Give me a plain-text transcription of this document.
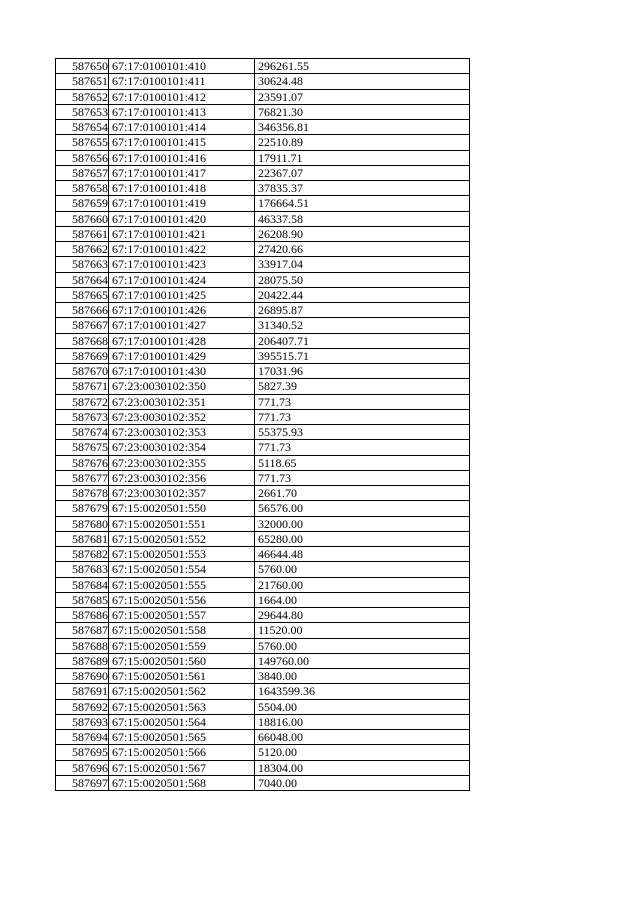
587650	67:17:0100101:410	296261.55
587651	67:17:0100101:411	30624.48
587652	67:17:0100101:412	23591.07
587653	67:17:0100101:413	76821.30
587654	67:17:0100101:414	346356.81
587655	67:17:0100101:415	22510.89
587656	67:17:0100101:416	17911.71
587657	67:17:0100101:417	22367.07
587658	67:17:0100101:418	37835.37
587659	67:17:0100101:419	176664.51
587660	67:17:0100101:420	46337.58
587661	67:17:0100101:421	26208.90
587662	67:17:0100101:422	27420.66
587663	67:17:0100101:423	33917.04
587664	67:17:0100101:424	28075.50
587665	67:17:0100101:425	20422.44
587666	67:17:0100101:426	26895.87
587667	67:17:0100101:427	31340.52
587668	67:17:0100101:428	206407.71
587669	67:17:0100101:429	395515.71
587670	67:17:0100101:430	17031.96
587671	67:23:0030102:350	5827.39
587672	67:23:0030102:351	771.73
587673	67:23:0030102:352	771.73
587674	67:23:0030102:353	55375.93
587675	67:23:0030102:354	771.73
587676	67:23:0030102:355	5118.65
587677	67:23:0030102:356	771.73
587678	67:23:0030102:357	2661.70
587679	67:15:0020501:550	56576.00
587680	67:15:0020501:551	32000.00
587681	67:15:0020501:552	65280.00
587682	67:15:0020501:553	46644.48
587683	67:15:0020501:554	5760.00
587684	67:15:0020501:555	21760.00
587685	67:15:0020501:556	1664.00
587686	67:15:0020501:557	29644.80
587687	67:15:0020501:558	11520.00
587688	67:15:0020501:559	5760.00
587689	67:15:0020501:560	149760.00
587690	67:15:0020501:561	3840.00
587691	67:15:0020501:562	1643599.36
587692	67:15:0020501:563	5504.00
587693	67:15:0020501:564	18816.00
587694	67:15:0020501:565	66048.00
587695	67:15:0020501:566	5120.00
587696	67:15:0020501:567	18304.00
587697	67:15:0020501:568	7040.00
